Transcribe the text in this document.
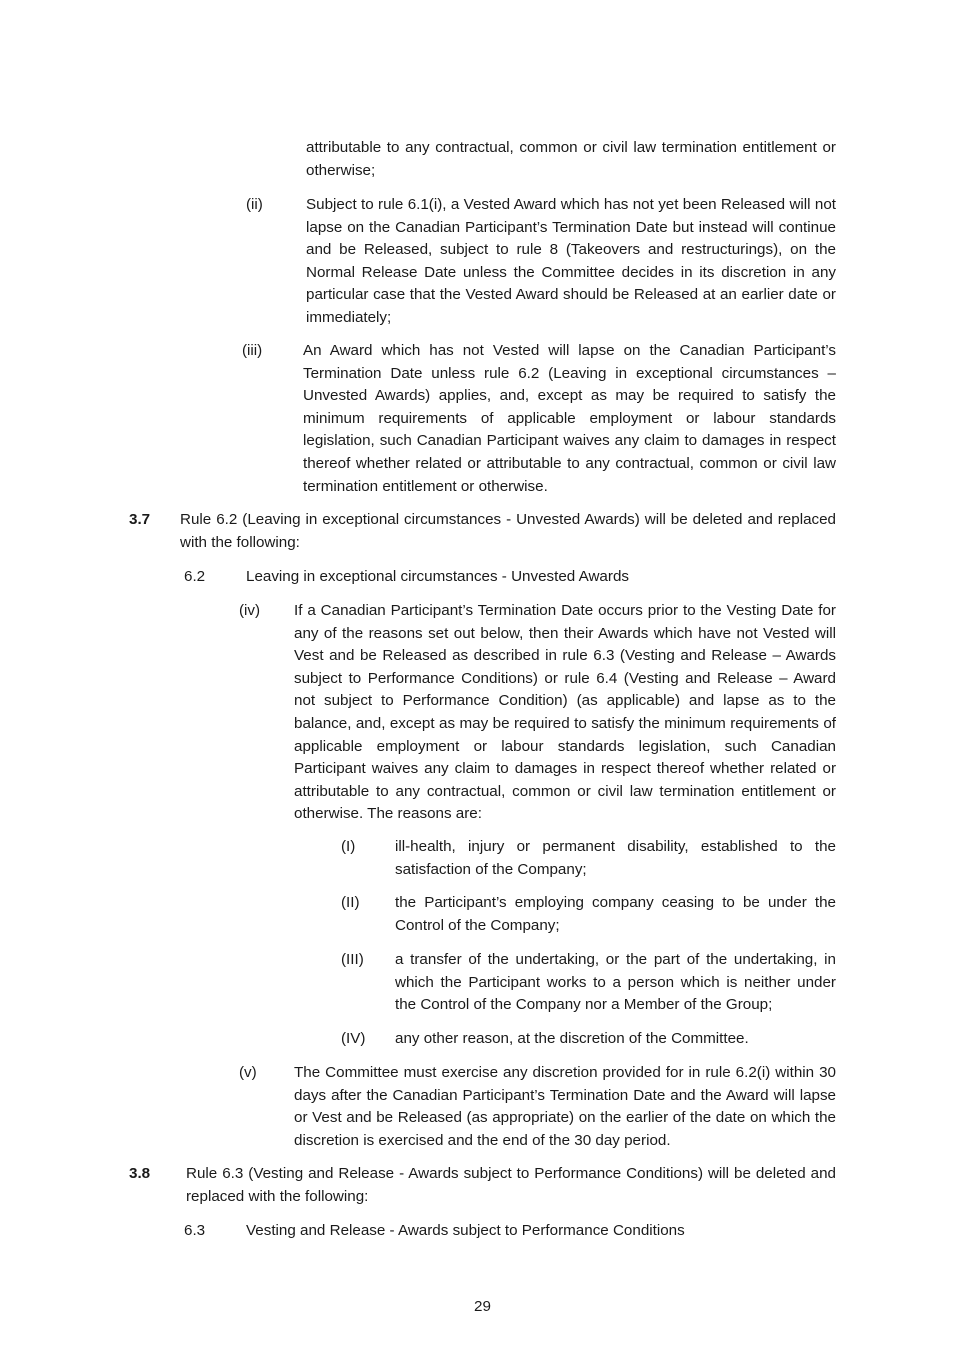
attributable to any contractual, common or civil law termination entitlement or otherwise;
(ii)	Subject to rule 6.1(i), a Vested Award which has not yet been Released will not lapse on the Canadian Participant’s Termination Date but instead will continue and be Released, subject to rule 8 (Takeovers and restructurings), on the Normal Release Date unless the Committee decides in its discretion in any particular case that the Vested Award should be Released at an earlier date or immediately;
(iii)	An Award which has not Vested will lapse on the Canadian Participant’s Termination Date unless rule 6.2 (Leaving in exceptional circumstances – Unvested Awards) applies, and, except as may be required to satisfy the minimum requirements of applicable employment or labour standards legislation, such Canadian Participant waives any claim to damages in respect thereof whether related or attributable to any contractual, common or civil law termination entitlement or otherwise.
3.7 Rule 6.2 (Leaving in exceptional circumstances - Unvested Awards) will be deleted and replaced with the following:
6.2	Leaving in exceptional circumstances - Unvested Awards
(iv) If a Canadian Participant’s Termination Date occurs prior to the Vesting Date for any of the reasons set out below, then their Awards which have not Vested will Vest and be Released as described in rule 6.3 (Vesting and Release – Awards subject to Performance Conditions) or rule 6.4 (Vesting and Release – Award not subject to Performance Condition) (as applicable) and lapse as to the balance, and, except as may be required to satisfy the minimum requirements of applicable employment or labour standards legislation, such Canadian Participant waives any claim to damages in respect thereof whether related or attributable to any contractual, common or civil law termination entitlement or otherwise. The reasons are:
(I)	ill-health, injury or permanent disability, established to the satisfaction of the Company;
(II) the Participant’s employing company ceasing to be under the Control of the Company;
(III) a transfer of the undertaking, or the part of the undertaking, in which the Participant works to a person which is neither under the Control of the Company nor a Member of the Group;
(IV) any other reason, at the discretion of the Committee.
(v) The Committee must exercise any discretion provided for in rule 6.2(i) within 30 days after the Canadian Participant’s Termination Date and the Award will lapse or Vest and be Released (as appropriate) on the earlier of the date on which the discretion is exercised and the end of the 30 day period.
3.8 Rule 6.3 (Vesting and Release - Awards subject to Performance Conditions) will be deleted and replaced with the following:
6.3	Vesting and Release - Awards subject to Performance Conditions
29
